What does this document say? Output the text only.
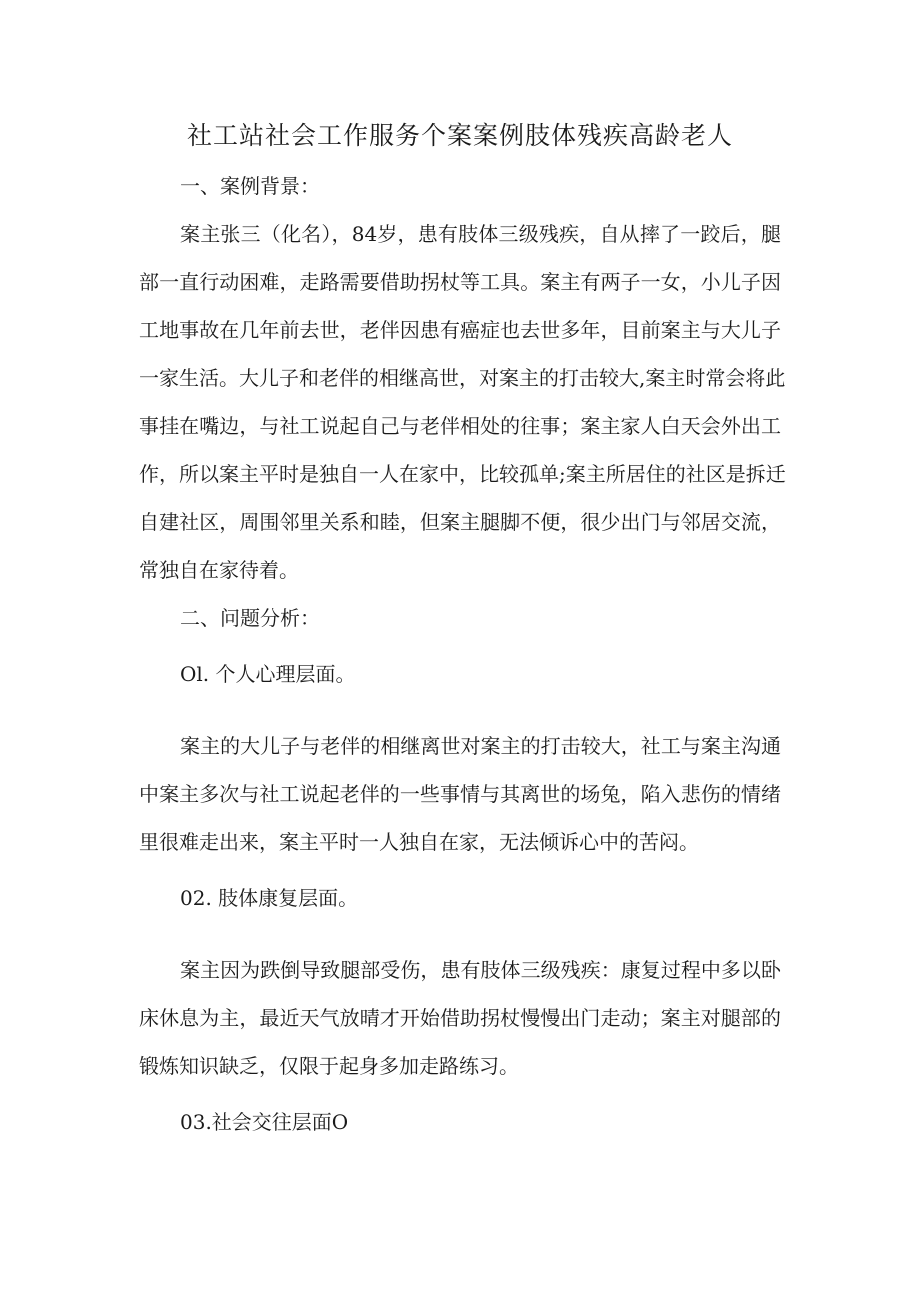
社工站社会工作服务个案案例肢体残疾高龄老人
一、案例背景：
案主张三（化名），84岁，患有肢体三级残疾，自从摔了一跤后，腿
部一直行动困难，走路需要借助拐杖等工具。案主有两子一女，小儿子因
工地事故在几年前去世，老伴因患有癌症也去世多年，目前案主与大儿子
一家生活。大儿子和老伴的相继高世，对案主的打击较大,案主时常会将此
事挂在嘴边，与社工说起自己与老伴相处的往事；案主家人白天会外出工
作，所以案主平时是独自一人在家中，比较孤单;案主所居住的社区是拆迁
自建社区，周围邻里关系和睦，但案主腿脚不便，很少出门与邻居交流，
常独自在家待着。
二、问题分析：
Ol. 个人心理层面。
案主的大儿子与老伴的相继离世对案主的打击较大，社工与案主沟通
中案主多次与社工说起老伴的一些事情与其离世的场兔，陷入悲伤的情绪
里很难走出来，案主平时一人独自在家，无法倾诉心中的苦闷。
02. 肢体康复层面。
案主因为跌倒导致腿部受伤，患有肢体三级残疾：康复过程中多以卧
床休息为主，最近天气放晴才开始借助拐杖慢慢出门走动；案主对腿部的
锻炼知识缺乏，仅限于起身多加走路练习。
03.社会交往层面O
